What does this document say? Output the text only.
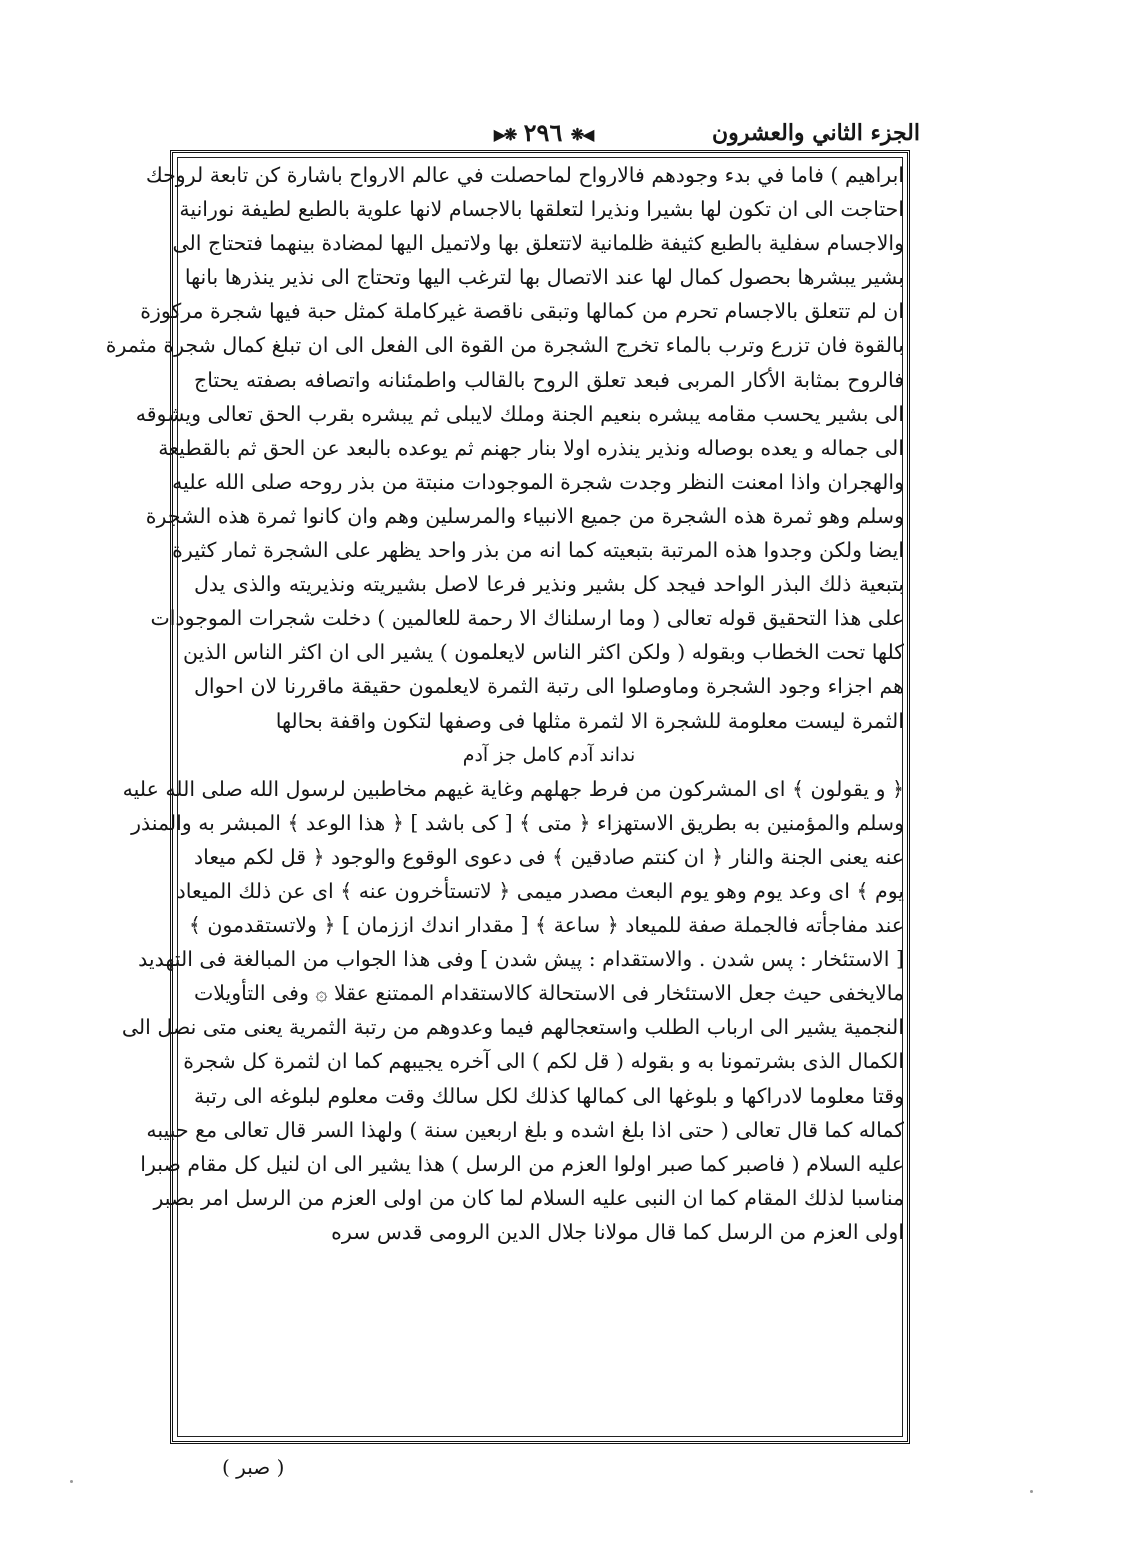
الجزء الثاني والعشرون
◀❋ ٢٩٦ ❋▶
ابراهيم ) فاما في بدء وجودهم فالارواح لماحصلت في عالم الارواح باشارة كن تابعة لروحك
احتاجت الى ان تكون لها بشيرا ونذيرا لتعلقها بالاجسام لانها علوية بالطبع لطيفة نورانية
والاجسام سفلية بالطبع كثيفة ظلمانية لاتتعلق بها ولاتميل اليها لمضادة بينهما فتحتاج الى
بشير يبشرها بحصول كمال لها عند الاتصال بها لترغب اليها وتحتاج الى نذير ينذرها بانها
ان لم تتعلق بالاجسام تحرم من كمالها وتبقى ناقصة غيركاملة كمثل حبة فيها شجرة مركوزة
بالقوة فان تزرع وترب بالماء تخرج الشجرة من القوة الى الفعل الى ان تبلغ كمال شجرة مثمرة
فالروح بمثابة الأكار المربى فبعد تعلق الروح بالقالب واطمئنانه واتصافه بصفته يحتاج
الى بشير يحسب مقامه يبشره بنعيم الجنة وملك لايبلى ثم يبشره بقرب الحق تعالى ويشوقه
الى جماله و يعده بوصاله ونذير ينذره اولا بنار جهنم ثم يوعده بالبعد عن الحق ثم بالقطيعة
والهجران واذا امعنت النظر وجدت شجرة الموجودات منبتة من بذر روحه صلى الله عليه
وسلم وهو ثمرة هذه الشجرة من جميع الانبياء والمرسلين وهم وان كانوا ثمرة هذه الشجرة
ايضا ولكن وجدوا هذه المرتبة بتبعيته كما انه من بذر واحد يظهر على الشجرة ثمار كثيرة
بتبعية ذلك البذر الواحد فيجد كل بشير ونذير فرعا لاصل بشيريته ونذيريته والذى يدل
على هذا التحقيق قوله تعالى ( وما ارسلناك الا رحمة للعالمين ) دخلت شجرات الموجودات
كلها تحت الخطاب وبقوله ( ولكن اكثر الناس لايعلمون ) يشير الى ان اكثر الناس الذين
هم اجزاء وجود الشجرة وماوصلوا الى رتبة الثمرة لايعلمون حقيقة ماقررنا لان احوال
الثمرة ليست معلومة للشجرة الا لثمرة مثلها فى وصفها لتكون واقفة بحالها
نداند آدم كامل جز آدم
﴿ و يقولون ﴾ اى المشركون من فرط جهلهم وغاية غيهم مخاطبين لرسول الله صلى الله عليه
وسلم والمؤمنين به بطريق الاستهزاء ﴿ متى ﴾ [ كى باشد ] ﴿ هذا الوعد ﴾ المبشر به والمنذر
عنه يعنى الجنة والنار ﴿ ان كنتم صادقين ﴾ فى دعوى الوقوع والوجود ﴿ قل لكم ميعاد
يوم ﴾ اى وعد يوم وهو يوم البعث مصدر ميمى ﴿ لاتستأخرون عنه ﴾ اى عن ذلك الميعاد
عند مفاجأته فالجملة صفة للميعاد ﴿ ساعة ﴾ [ مقدار اندك اززمان ] ﴿ ولاتستقدمون ﴾
[ الاستئخار : پس شدن . والاستقدام : پيش شدن ] وفى هذا الجواب من المبالغة فى التهديد
مالايخفى حيث جعل الاستئخار فى الاستحالة كالاستقدام الممتنع عقلا ۞ وفى التأويلات
النجمية يشير الى ارباب الطلب واستعجالهم فيما وعدوهم من رتبة الثمرية يعنى متى نصل الى
الكمال الذى بشرتمونا به و بقوله ( قل لكم ) الى آخره يجيبهم كما ان لثمرة كل شجرة
وقتا معلوما لادراكها و بلوغها الى كمالها كذلك لكل سالك وقت معلوم لبلوغه الى رتبة
كماله كما قال تعالى ( حتى اذا بلغ اشده و بلغ اربعين سنة ) ولهذا السر قال تعالى مع حبيبه
عليه السلام ( فاصبر كما صبر اولوا العزم من الرسل ) هذا يشير الى ان لنيل كل مقام صبرا
مناسبا لذلك المقام كما ان النبى عليه السلام لما كان من اولى العزم من الرسل امر بصبر
اولى العزم من الرسل كما قال مولانا جلال الدين الرومى قدس سره
( صبر )
